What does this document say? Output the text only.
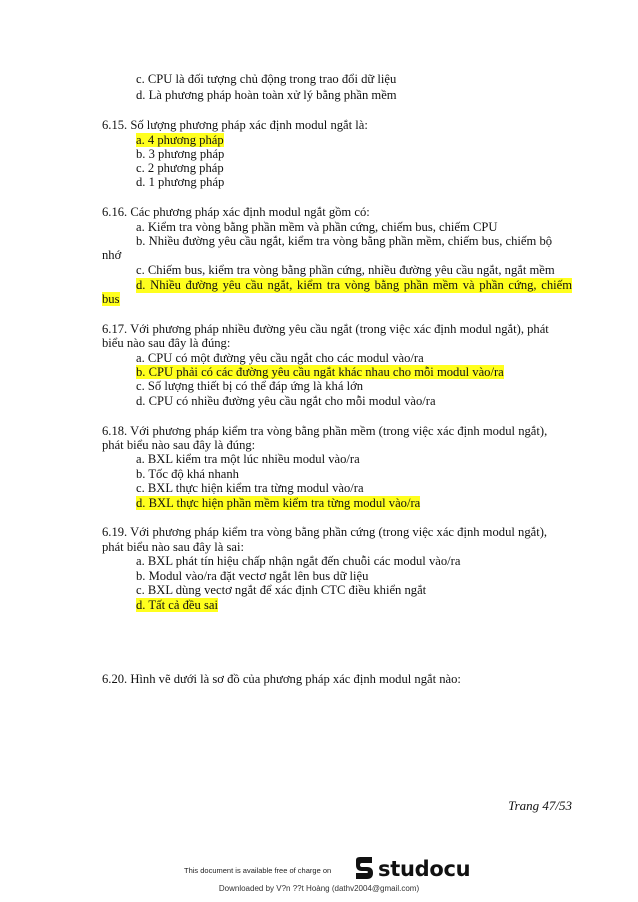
c. CPU là đối tượng chủ động trong trao đổi dữ liệu
d. Là phương pháp hoàn toàn xử lý bằng phần mềm
6.15. Số lượng phương pháp xác định modul ngắt là:
a. 4 phương pháp
b. 3 phương pháp
c. 2 phương pháp
d. 1 phương pháp
6.16. Các phương pháp xác định modul ngắt gồm có:
a. Kiểm tra vòng bằng phần mềm và phần cứng, chiếm bus, chiếm CPU
b. Nhiều đường yêu cầu ngắt, kiểm tra vòng bằng phần mềm, chiếm bus, chiếm bộ
nhớ
c. Chiếm bus, kiểm tra vòng bằng phần cứng, nhiều đường yêu cầu ngắt, ngắt mềm
d. Nhiều đường yêu cầu ngắt, kiểm tra vòng bằng phần mềm và phần cứng, chiếm
bus
6.17. Với phương pháp nhiều đường yêu cầu ngắt (trong việc xác định modul ngắt), phát
biểu nào sau đây là đúng:
a. CPU có một đường yêu cầu ngắt cho các modul vào/ra
b. CPU phải có các đường yêu cầu ngắt khác nhau cho mỗi modul vào/ra
c. Số lượng thiết bị có thể đáp ứng là khá lớn
d. CPU có nhiều đường yêu cầu ngắt cho mỗi modul vào/ra
6.18. Với phương pháp kiểm tra vòng bằng phần mềm (trong việc xác định modul ngắt),
phát biểu nào sau đây là đúng:
a. BXL kiểm tra một lúc nhiều modul vào/ra
b. Tốc độ khá nhanh
c. BXL thực hiện kiểm tra từng modul vào/ra
d. BXL thực hiện phần mềm kiểm tra từng modul vào/ra
6.19. Với phương pháp kiểm tra vòng bằng phần cứng (trong việc xác định modul ngắt),
phát biểu nào sau đây là sai:
a. BXL phát tín hiệu chấp nhận ngắt đến chuỗi các modul vào/ra
b. Modul vào/ra đặt vectơ ngắt lên bus dữ liệu
c. BXL dùng vectơ ngắt để xác định CTC điều khiển ngắt
d. Tất cả đều sai
6.20. Hình vẽ dưới là sơ đồ của phương pháp xác định modul ngắt nào:
Trang 47/53
This document is available free of charge on studocu
Downloaded by V?n ??t Hoàng (dathv2004@gmail.com)
